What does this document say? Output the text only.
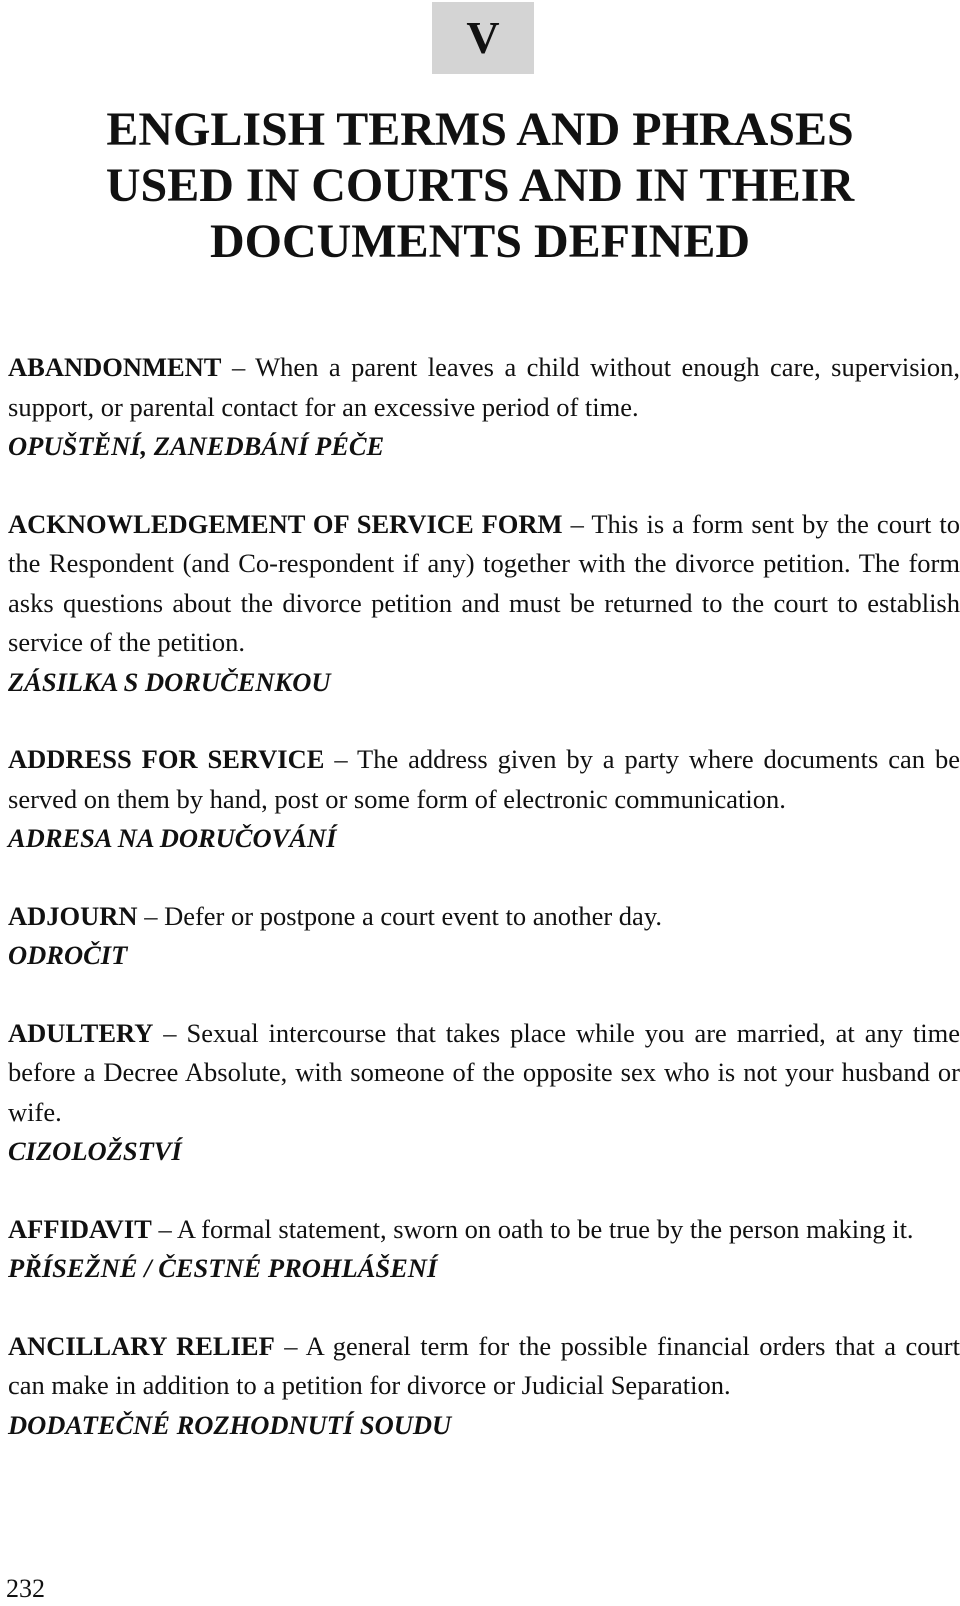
V
ENGLISH TERMS AND PHRASES
USED IN COURTS AND IN THEIR
DOCUMENTS DEFINED

ABANDONMENT – When a parent leaves a child without enough care, supervision, support, or parental contact for an excessive period of time.

OPUŠTĚNÍ, ZANEDBÁNÍ PÉČE

ACKNOWLEDGEMENT OF SERVICE FORM – This is a form sent by the court to the Respondent (and Co-respondent if any) together with the divorce petition. The form asks questions about the divorce petition and must be returned to the court to establish service of the petition.

ZÁSILKA S DORUČENKOU

ADDRESS FOR SERVICE – The address given by a party where documents can be served on them by hand, post or some form of electronic communication.

ADRESA NA DORUČOVÁNÍ

ADJOURN – Defer or postpone a court event to another day.

ODROČIT

ADULTERY – Sexual intercourse that takes place while you are married, at any time before a Decree Absolute, with someone of the opposite sex who is not your husband or wife.

CIZOLOŽSTVÍ

AFFIDAVIT – A formal statement, sworn on oath to be true by the person making it.

PŘÍSEŽNÉ / ČESTNÉ PROHLÁŠENÍ

ANCILLARY RELIEF – A general term for the possible financial orders that a court can make in addition to a petition for divorce or Judicial Separation.

DODATEČNÉ ROZHODNUTÍ SOUDU
232
